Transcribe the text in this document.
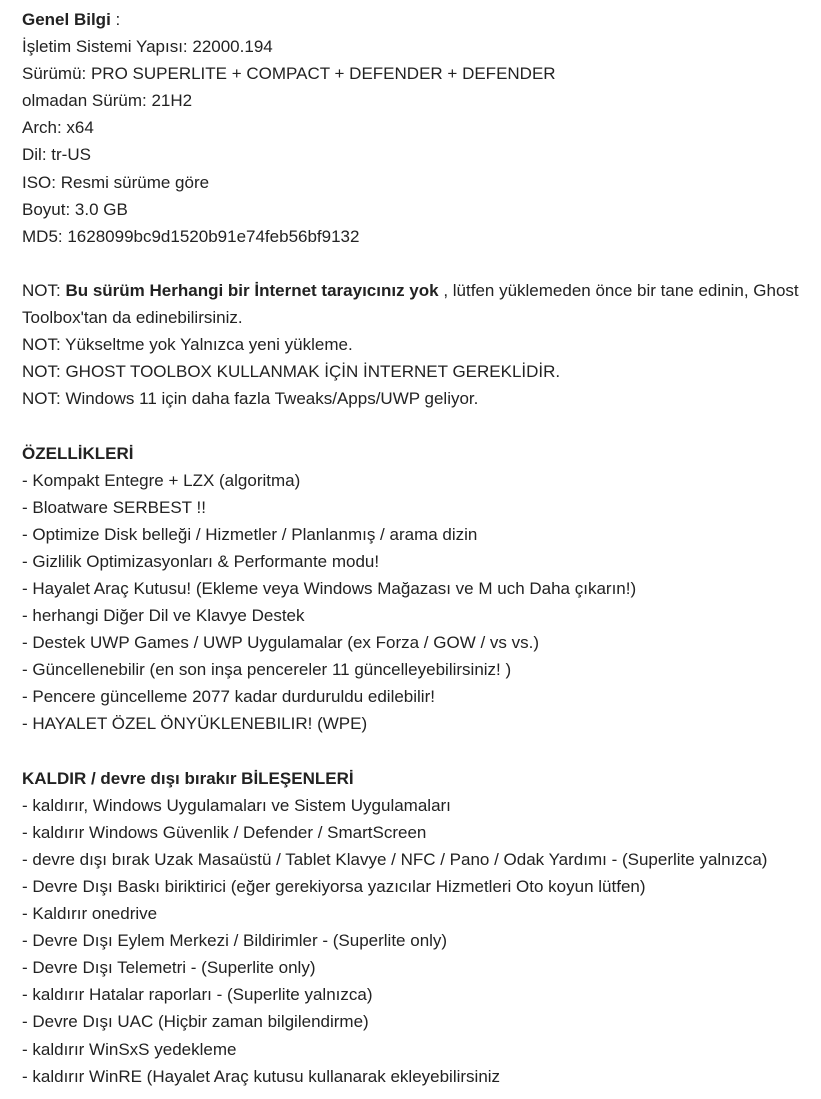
Genel Bilgi :
İşletim Sistemi Yapısı: 22000.194
Sürümü: PRO SUPERLITE + COMPACT + DEFENDER + DEFENDER
olmadan Sürüm: 21H2
Arch: x64
Dil: tr-US
ISO: Resmi sürüme göre
Boyut: 3.0 GB
MD5: 1628099bc9d1520b91e74feb56bf9132
NOT: Bu sürüm Herhangi bir İnternet tarayıcınız yok , lütfen yüklemeden önce bir tane edinin, Ghost
Toolbox'tan da edinebilirsiniz.
NOT: Yükseltme yok Yalnızca yeni yükleme.
NOT: GHOST TOOLBOX KULLANMAK İÇİN İNTERNET GEREKLİDİR.
NOT: Windows 11 için daha fazla Tweaks/Apps/UWP geliyor.
ÖZELLİKLERİ
- Kompakt Entegre + LZX (algoritma)
- Bloatware SERBEST !!
- Optimize Disk belleği / Hizmetler / Planlanmış / arama dizin
- Gizlilik Optimizasyonları & Performante modu!
- Hayalet Araç Kutusu! (Ekleme veya Windows Mağazası ve M uch Daha çıkarın!)
- herhangi Diğer Dil ve Klavye Destek
- Destek UWP Games / UWP Uygulamalar (ex Forza / GOW / vs vs.)
- Güncellenebilir (en son inşa pencereler 11 güncelleyebilirsiniz! )
- Pencere güncelleme 2077 kadar durduruldu edilebilir!
- HAYALET ÖZEL ÖNYÜKLENEBILIR! (WPE)
KALDIR / devre dışı bırakır BİLEŞENLERİ
- kaldırır, Windows Uygulamaları ve Sistem Uygulamaları
- kaldırır Windows Güvenlik / Defender / SmartScreen
- devre dışı bırak Uzak Masaüstü / Tablet Klavye / NFC / Pano / Odak Yardımı - (Superlite yalnızca)
- Devre Dışı Baskı biriktirici (eğer gerekiyorsa yazıcılar Hizmetleri Oto koyun lütfen)
- Kaldırır onedrive
- Devre Dışı Eylem Merkezi / Bildirimler - (Superlite only)
- Devre Dışı Telemetri - (Superlite only)
- kaldırır Hatalar raporları - (Superlite yalnızca)
- Devre Dışı UAC (Hiçbir zaman bilgilendirme)
- kaldırır WinSxS yedekleme
- kaldırır WinRE (Hayalet Araç kutusu kullanarak ekleyebilirsiniz
